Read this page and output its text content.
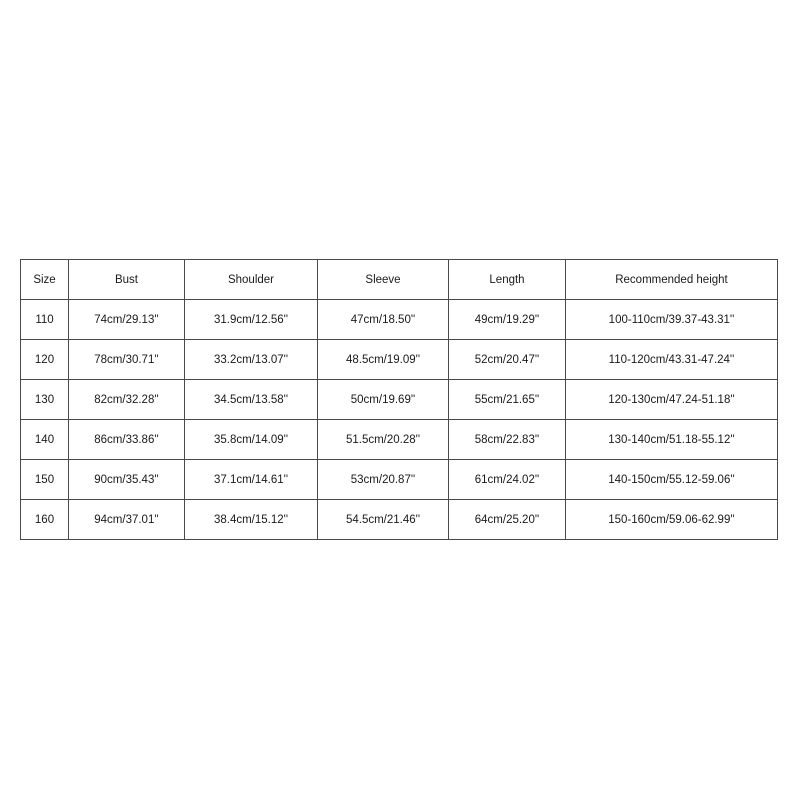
Size	Bust	Shoulder	Sleeve	Length	Recommended height
110	74cm/29.13''	31.9cm/12.56''	47cm/18.50''	49cm/19.29''	100-110cm/39.37-43.31''
120	78cm/30.71''	33.2cm/13.07''	48.5cm/19.09''	52cm/20.47''	110-120cm/43.31-47.24''
130	82cm/32.28''	34.5cm/13.58''	50cm/19.69''	55cm/21.65''	120-130cm/47.24-51.18''
140	86cm/33.86''	35.8cm/14.09''	51.5cm/20.28''	58cm/22.83''	130-140cm/51.18-55.12''
150	90cm/35.43''	37.1cm/14.61''	53cm/20.87''	61cm/24.02''	140-150cm/55.12-59.06''
160	94cm/37.01''	38.4cm/15.12''	54.5cm/21.46''	64cm/25.20''	150-160cm/59.06-62.99''
